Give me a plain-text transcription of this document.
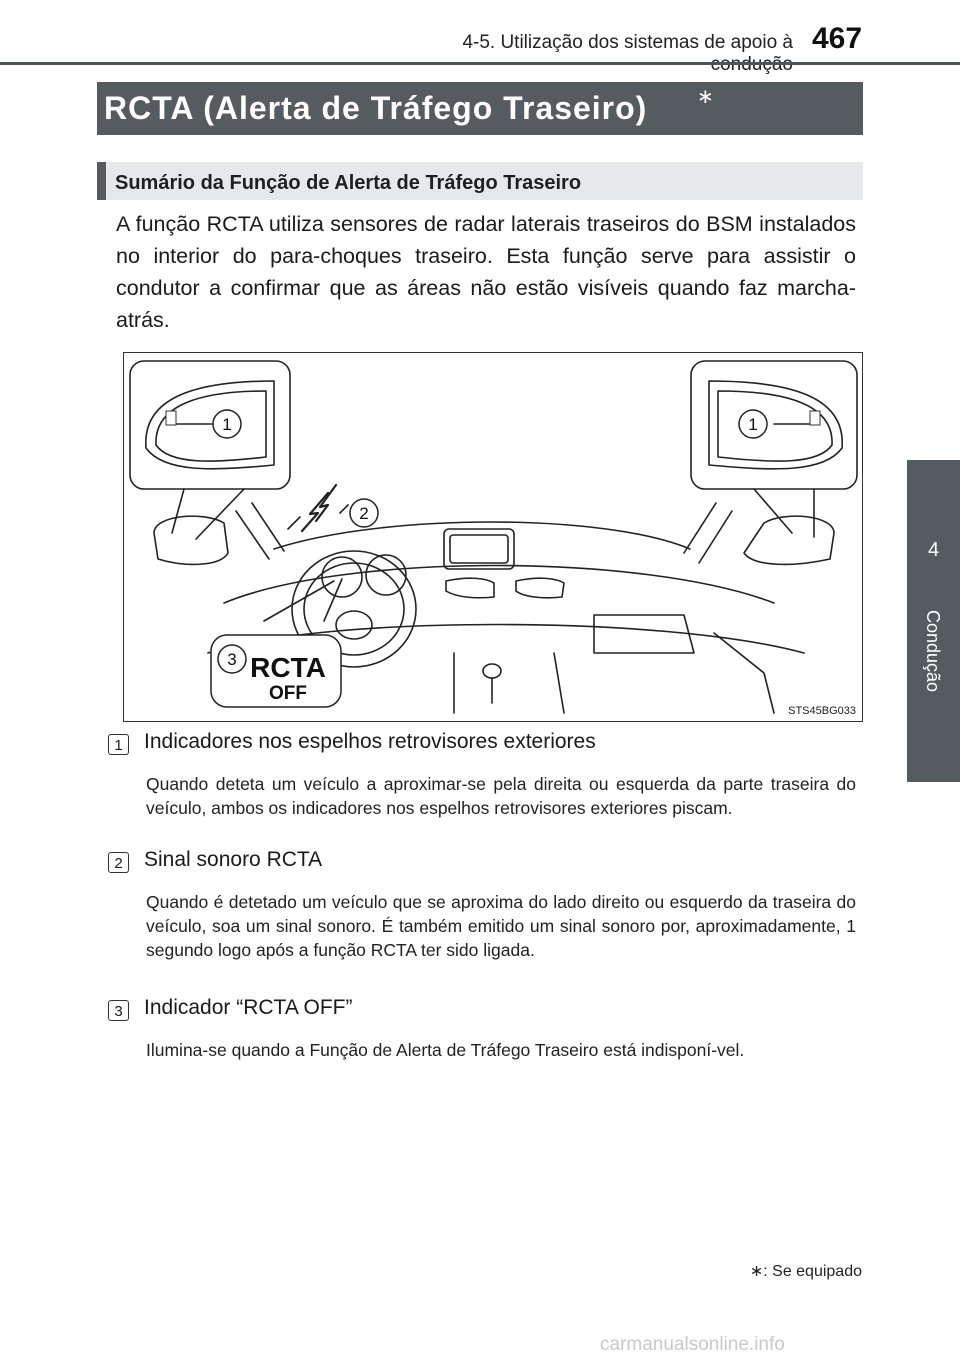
4-5. Utilização dos sistemas de apoio à 467
4
Condução
RCTA (Alerta de Tráfego Traseiro) ∗
Sumário da Função de Alerta de Tráfego Traseiro
A função RCTA utiliza sensores de radar laterais traseiros do BSM instalados no interior do para-choques traseiro. Esta função serve para assistir o condutor a confirmar que as áreas não estão visíveis quando faz marcha-atrás.
1	1
2
3 RCTA
OFF
STS45BG033
1	Indicadores nos espelhos retrovisores exteriores
Quando deteta um veículo a aproximar-se pela direita ou esquerda da parte traseira do veículo, ambos os indicadores nos espelhos retrovisores exteriores piscam.
2	Sinal sonoro RCTA
Quando é detetado um veículo que se aproxima do lado direito ou esquerdo da traseira do veículo, soa um sinal sonoro. É também emitido um sinal sonoro por, aproximadamente, 1 segundo logo após a função RCTA ter sido ligada.
3	Indicador “RCTA OFF”
Ilumina-se quando a Função de Alerta de Tráfego Traseiro está indisponí-vel.
∗: Se equipado
carmanualsonline.info
